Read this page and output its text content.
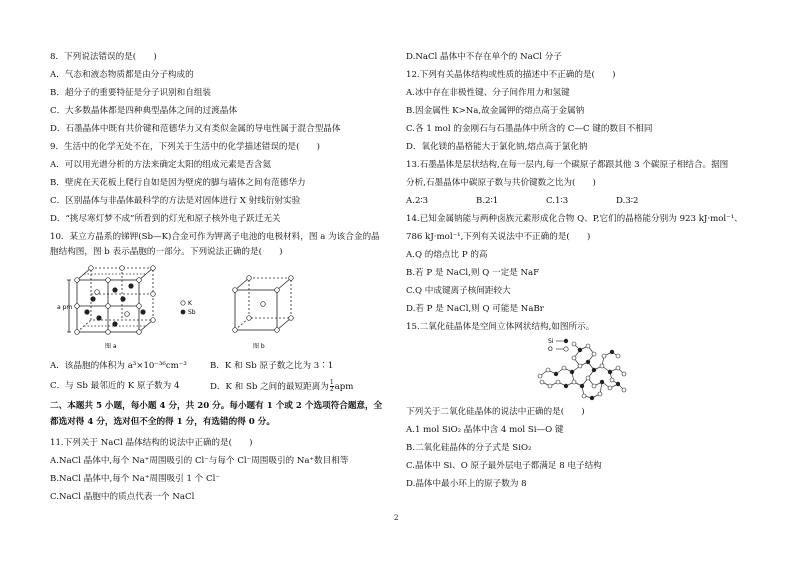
8．下列说法错误的是(　　)
A．气态和液态物质都是由分子构成的
B．超分子的重要特征是分子识别和自组装
C．大多数晶体都是四种典型晶体之间的过渡晶体
D．石墨晶体中既有共价键和范德华力又有类似金属的导电性属于混合型晶体
9．生活中的化学无处不在，下列关于生活中的化学描述错误的是(　　)
A．可以用光谱分析的方法来确定太阳的组成元素是否含氦
B．壁虎在天花板上爬行自如是因为壁虎的脚与墙体之间有范德华力
C．区别晶体与非晶体最科学的方法是对固体进行 X 射线衍射实验
D．“挑尽寒灯梦不成”所看到的灯光和原子核外电子跃迁无关
10．某立方晶系的锑钾(Sb—K)合金可作为钾离子电池的电极材料，图 a 为该合金的晶
胞结构图，图 b 表示晶胞的一部分。下列说法正确的是(　　)
a pm
图 a
K
Sb
图 b
A．该晶胞的体积为 a³×10⁻³⁶cm⁻³	B．K 和 Sb 原子数之比为 3∶1
C．与 Sb 最邻近的 K 原子数为 4	D．K 和 Sb 之间的最短距离为 $\frac{1}{2}$ apm
二、本题共 5 小题，每小题 4 分，共 20 分。每小题有 1 个或 2 个选项符合题意，全
都选对得 4 分，选对但不全的得 1 分，有选错的得 0 分。
11.下列关于 NaCl 晶体结构的说法中正确的是(　　)
A.NaCl 晶体中,每个 Na⁺周围吸引的 Cl⁻与每个 Cl⁻周围吸引的 Na⁺数目相等
B.NaCl 晶体中,每个 Na⁺周围吸引 1 个 Cl⁻
C.NaCl 晶胞中的质点代表一个 NaCl
D.NaCl 晶体中不存在单个的 NaCl 分子
12.下列有关晶体结构或性质的描述中不正确的是(　　)
A.冰中存在非极性键、分子间作用力和氢键
B.因金属性 K>Na,故金属钾的熔点高于金属钠
C.各 1 mol 的金刚石与石墨晶体中所含的 C—C 键的数目不相同
D．氧化镁的晶格能大于氯化钠,熔点高于氯化钠
13.石墨晶体是层状结构,在每一层内,每一个碳原子都跟其他 3 个碳原子相结合。据图
分析,石墨晶体中碳原子数与共价键数之比为(　　)
A.2∶3	B.2∶1	C.1∶3	D.3∶2
14.已知金属钠能与两种卤族元素形成化合物 Q、P,它们的晶格能分别为 923 kJ·mol⁻¹、
786 kJ·mol⁻¹,下列有关说法中不正确的是(　　)
A.Q 的熔点比 P 的高
B.若 P 是 NaCl,则 Q 一定是 NaF
C.Q 中成键离子核间距较大
D.若 P 是 NaCl,则 Q 可能是 NaBr
15.二氧化硅晶体是空间立体网状结构,如图所示。
Si
O
下列关于二氧化硅晶体的说法中正确的是(　　)
A.1 mol SiO₂ 晶体中含 4 mol Si—O 键
B.二氧化硅晶体的分子式是 SiO₂
C.晶体中 Si、O 原子最外层电子都满足 8 电子结构
D.晶体中最小环上的原子数为 8
2
